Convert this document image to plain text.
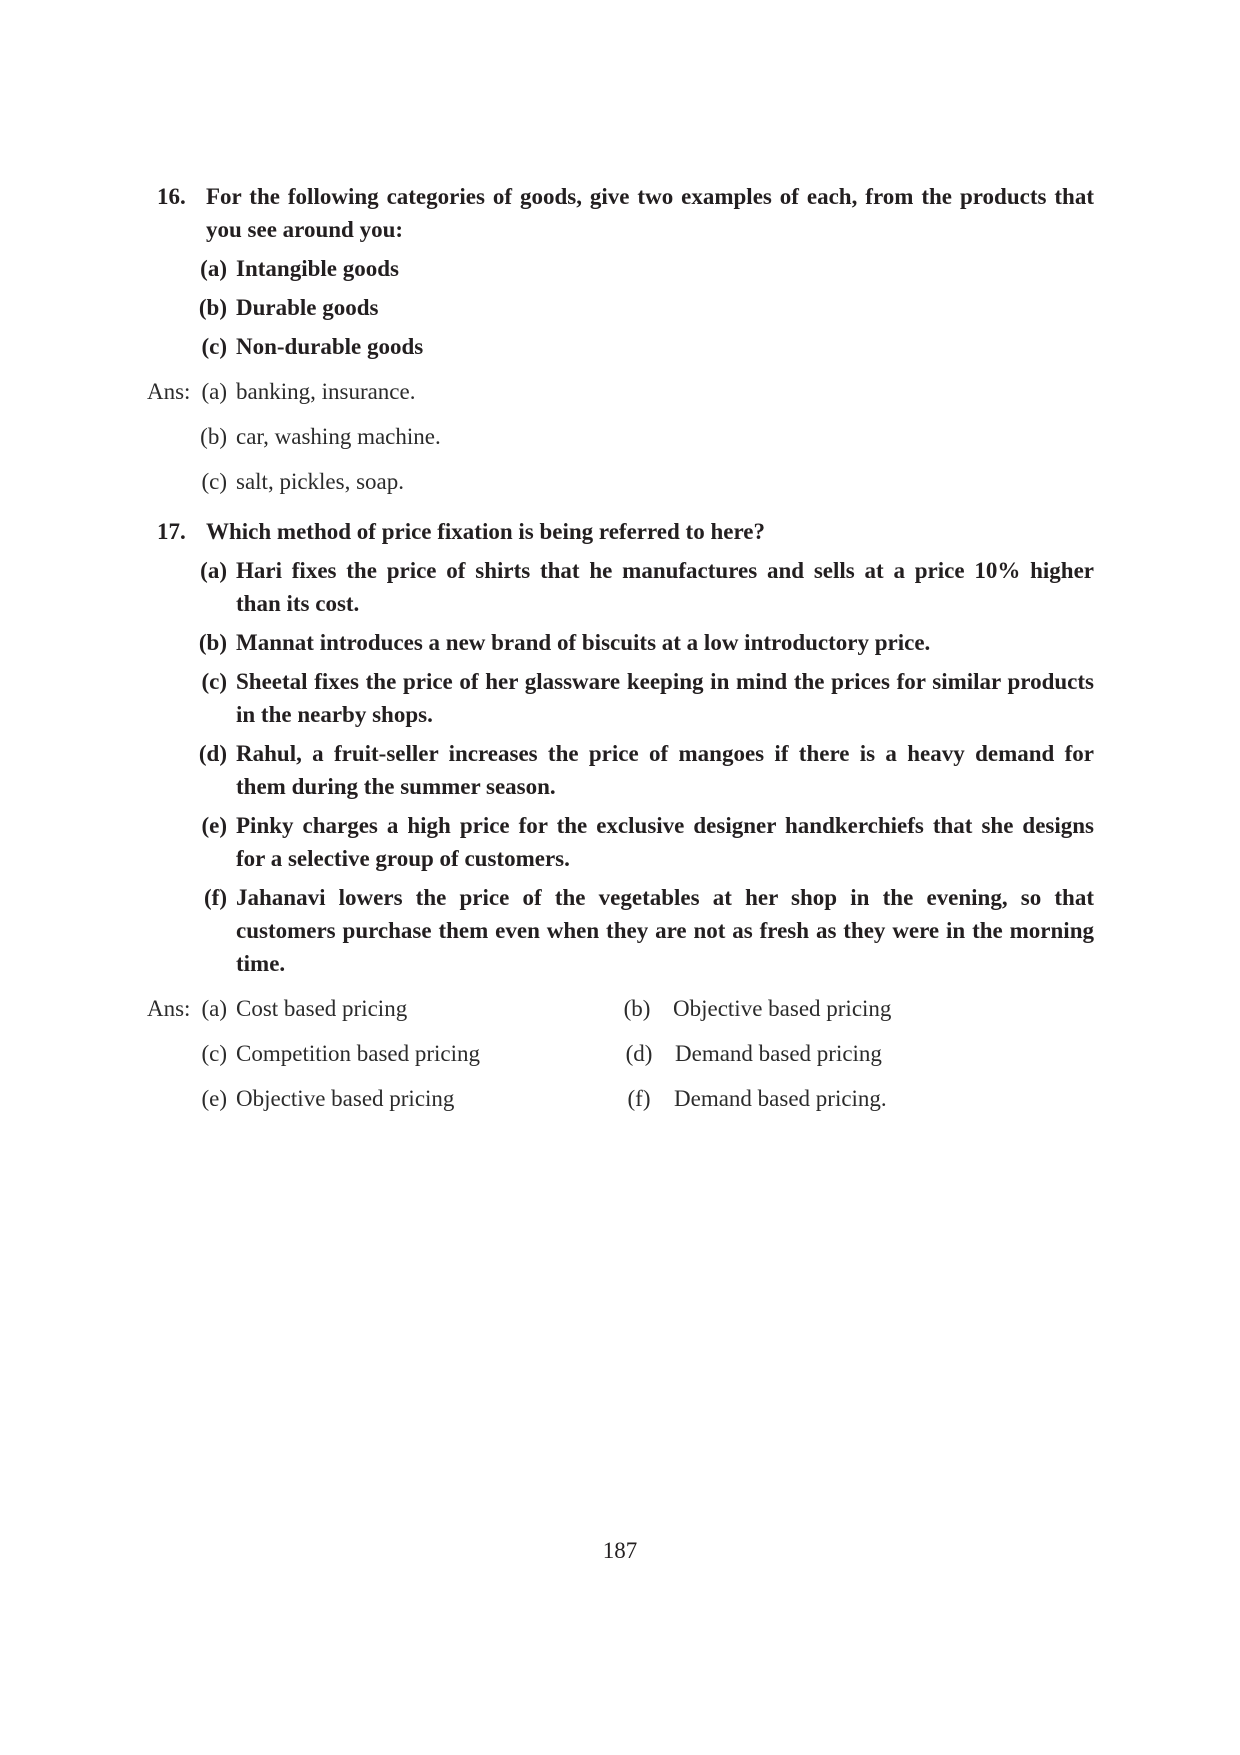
16. For the following categories of goods, give two examples of each, from the products that
you see around you:
(a) Intangible goods
(b) Durable goods
(c) Non-durable goods
Ans: (a) banking, insurance.
(b) car, washing machine.
(c) salt, pickles, soap.
17. Which method of price fixation is being referred to here?
(a) Hari fixes the price of shirts that he manufactures and sells at a price 10% higher
than its cost.
(b) Mannat introduces a new brand of biscuits at a low introductory price.
(c) Sheetal fixes the price of her glassware keeping in mind the prices for similar products
in the nearby shops.
(d) Rahul, a fruit-seller increases the price of mangoes if there is a heavy demand for
them during the summer season.
(e) Pinky charges a high price for the exclusive designer handkerchiefs that she designs
for a selective group of customers.
(f) Jahanavi lowers the price of the vegetables at her shop in the evening, so that
customers purchase them even when they are not as fresh as they were in the morning
time.
Ans: (a) Cost based pricing	(b) Objective based pricing
(c) Competition based pricing	(d) Demand based pricing
(e) Objective based pricing	(f)	Demand based pricing.
187
